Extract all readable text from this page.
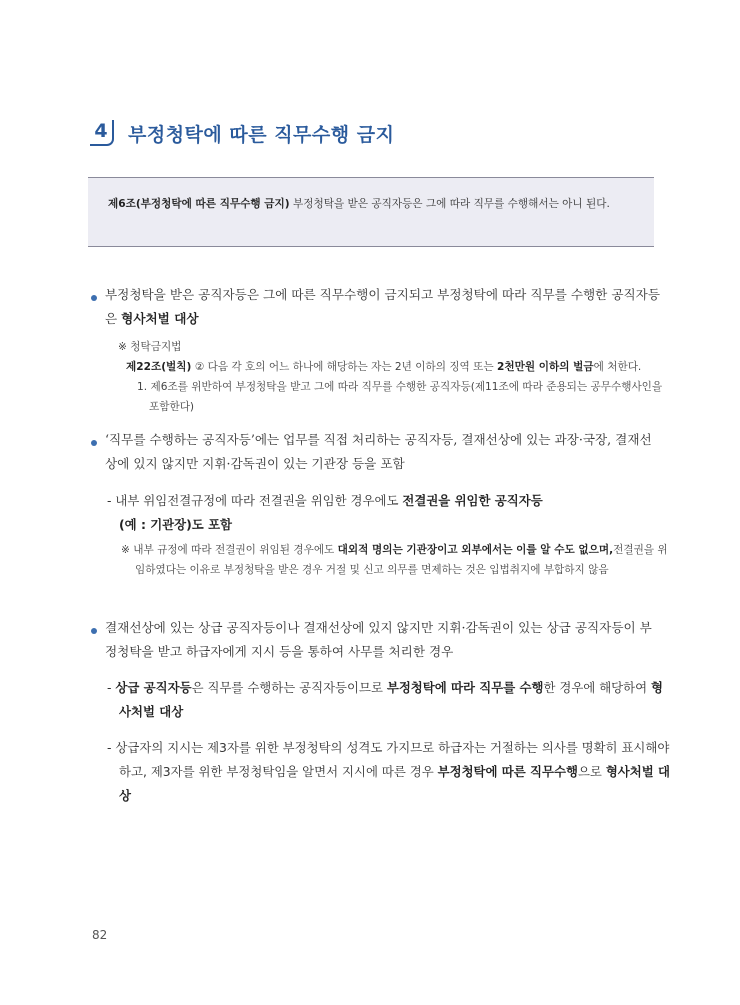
4	부정청탁에 따른 직무수행 금지
제6조(부정청탁에 따른 직무수행 금지) 부정청탁을 받은 공직자등은 그에 따라 직무를 수행해서는 아니 된다.
부정청탁을 받은 공직자등은 그에 따른 직무수행이 금지되고 부정청탁에 따라 직무를 수행한 공직자등은 형사처벌 대상
※ 청탁금지법
제22조(벌칙) ② 다음 각 호의 어느 하나에 해당하는 자는 2년 이하의 징역 또는 2천만원 이하의 벌금에 처한다.
1. 제6조를 위반하여 부정청탁을 받고 그에 따라 직무를 수행한 공직자등(제11조에 따라 준용되는 공무수행사인을 포함한다)
‘직무를 수행하는 공직자등’에는 업무를 직접 처리하는 공직자등, 결재선상에 있는 과장·국장, 결재선상에 있지 않지만 지휘·감독권이 있는 기관장 등을 포함
- 내부 위임전결규정에 따라 전결권을 위임한 경우에도 전결권을 위임한 공직자등
(예 : 기관장)도 포함
※ 내부 규정에 따라 전결권이 위임된 경우에도 대외적 명의는 기관장이고 외부에서는 이를 알 수도 없으며,전결권을 위임하였다는 이유로 부정청탁을 받은 경우 거절 및 신고 의무를 면제하는 것은 입법취지에 부합하지 않음
결재선상에 있는 상급 공직자등이나 결재선상에 있지 않지만 지휘·감독권이 있는 상급 공직자등이 부정청탁을 받고 하급자에게 지시 등을 통하여 사무를 처리한 경우
- 상급 공직자등은 직무를 수행하는 공직자등이므로 부정청탁에 따라 직무를 수행한 경우에 해당하여 형사처벌 대상
- 상급자의 지시는 제3자를 위한 부정청탁의 성격도 가지므로 하급자는 거절하는 의사를 명확히 표시해야 하고, 제3자를 위한 부정청탁임을 알면서 지시에 따른 경우 부정청탁에 따른 직무수행으로 형사처벌 대상
82
